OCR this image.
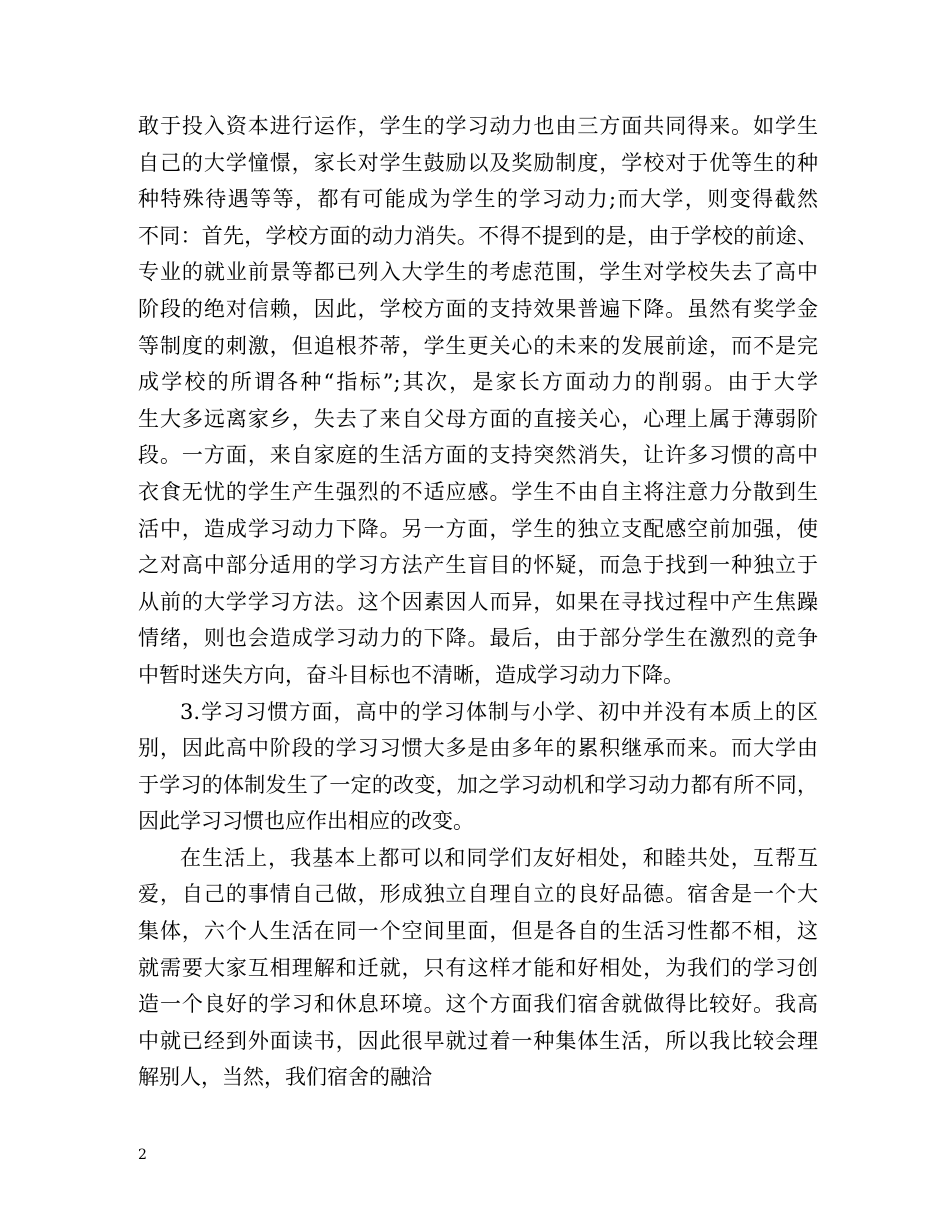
敢于投入资本进行运作，学生的学习动力也由三方面共同得来。如学生
自己的大学憧憬，家长对学生鼓励以及奖励制度，学校对于优等生的种
种特殊待遇等等，都有可能成为学生的学习动力;而大学，则变得截然
不同：首先，学校方面的动力消失。不得不提到的是，由于学校的前途、
专业的就业前景等都已列入大学生的考虑范围，学生对学校失去了高中
阶段的绝对信赖，因此，学校方面的支持效果普遍下降。虽然有奖学金
等制度的刺激，但追根芥蒂，学生更关心的未来的发展前途，而不是完
成学校的所谓各种“指标”;其次，是家长方面动力的削弱。由于大学
生大多远离家乡，失去了来自父母方面的直接关心，心理上属于薄弱阶
段。一方面，来自家庭的生活方面的支持突然消失，让许多习惯的高中
衣食无忧的学生产生强烈的不适应感。学生不由自主将注意力分散到生
活中，造成学习动力下降。另一方面，学生的独立支配感空前加强，使
之对高中部分适用的学习方法产生盲目的怀疑，而急于找到一种独立于
从前的大学学习方法。这个因素因人而异，如果在寻找过程中产生焦躁
情绪，则也会造成学习动力的下降。最后，由于部分学生在激烈的竞争
中暂时迷失方向，奋斗目标也不清晰，造成学习动力下降。
3.学习习惯方面，高中的学习体制与小学、初中并没有本质上的区
别，因此高中阶段的学习习惯大多是由多年的累积继承而来。而大学由
于学习的体制发生了一定的改变，加之学习动机和学习动力都有所不同，
因此学习习惯也应作出相应的改变。
在生活上，我基本上都可以和同学们友好相处，和睦共处，互帮互
爱，自己的事情自己做，形成独立自理自立的良好品德。宿舍是一个大
集体，六个人生活在同一个空间里面，但是各自的生活习性都不相，这
就需要大家互相理解和迁就，只有这样才能和好相处，为我们的学习创
造一个良好的学习和休息环境。这个方面我们宿舍就做得比较好。我高
中就已经到外面读书，因此很早就过着一种集体生活，所以我比较会理
解别人，当然，我们宿舍的融洽
2
